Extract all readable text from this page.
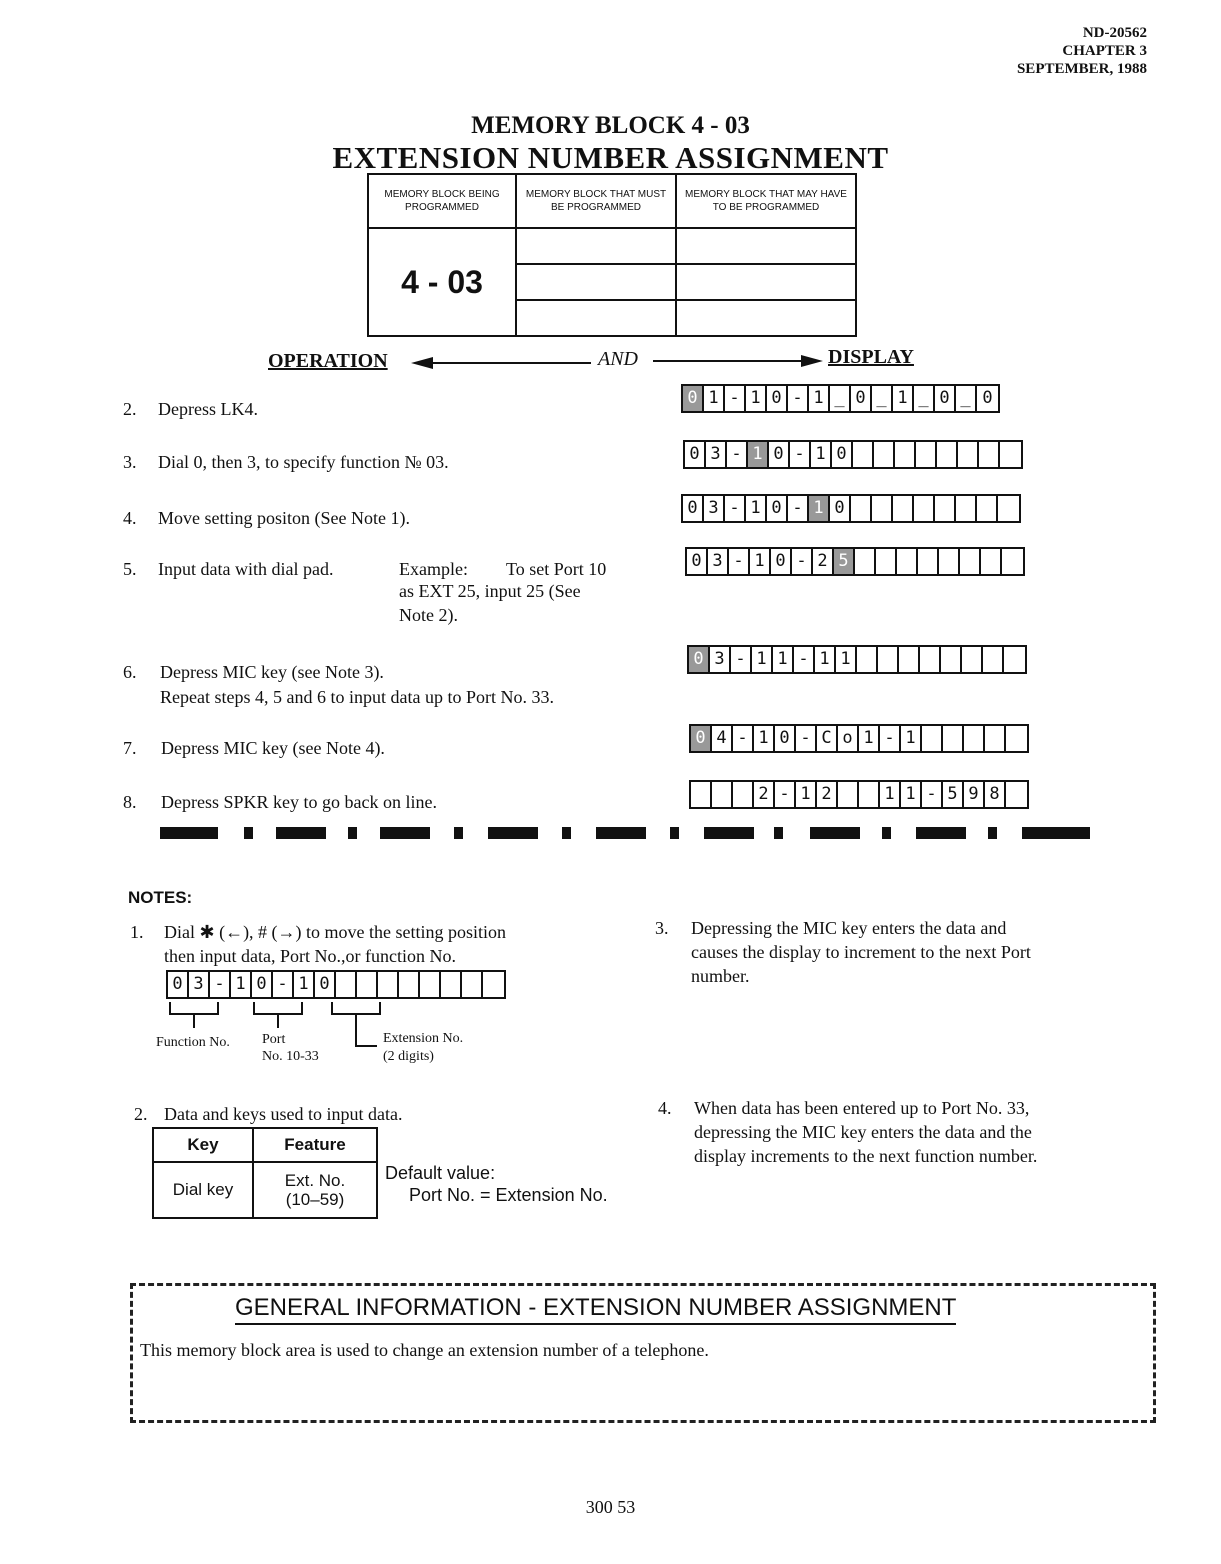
ND-20562
CHAPTER 3
SEPTEMBER, 1988
MEMORY BLOCK 4 - 03
EXTENSION NUMBER ASSIGNMENT
MEMORY BLOCK BEING PROGRAMMED	MEMORY BLOCK THAT MUST BE PROGRAMMED	MEMORY BLOCK THAT MAY HAVE TO BE PROGRAMMED
4 - 03		

OPERATION	AND	DISPLAY
2. Depress LK4.
3. Dial 0, then 3, to specify function № 03.
4. Move setting positon (See Note 1).
5. Input data with dial pad.	Example: To set Port 10
as EXT 25, input 25 (See
Note 2).
6. Depress MIC key (see Note 3).
Repeat steps 4, 5 and 6 to input data up to Port No. 33.
7. Depress MIC key (see Note 4).
8. Depress SPKR key to go back on line.
0 1 - 1 0 - 1 _ 0 _ 1 _ 0 _ 0
0 3 - 1 0 - 1 0
0 3 - 1 0 - 1 0
0 3 - 1 0 - 2 5
0 3 - 1 1 - 1 1
0 4 - 1 0 - C o 1 - 1
2 - 1 2	1 1 - 5 9 8
NOTES:
1. Dial ✱ (←), # (→) to move the setting position
then input data, Port No.,or function No.
0 3 - 1 0 - 1 0
Function No. Port
No. 10-33
Extension No.
(2 digits)
2. Data and keys used to input data.
Key	Feature
Dial key	Ext. No.
(10–59)
Default value:
Port No. = Extension No.
3. Depressing the MIC key enters the data and
causes the display to increment to the next Port
number.
4. When data has been entered up to Port No. 33,
depressing the MIC key enters the data and the
display increments to the next function number.
GENERAL INFORMATION - EXTENSION NUMBER ASSIGNMENT
This memory block area is used to change an extension number of a telephone.
300 53
